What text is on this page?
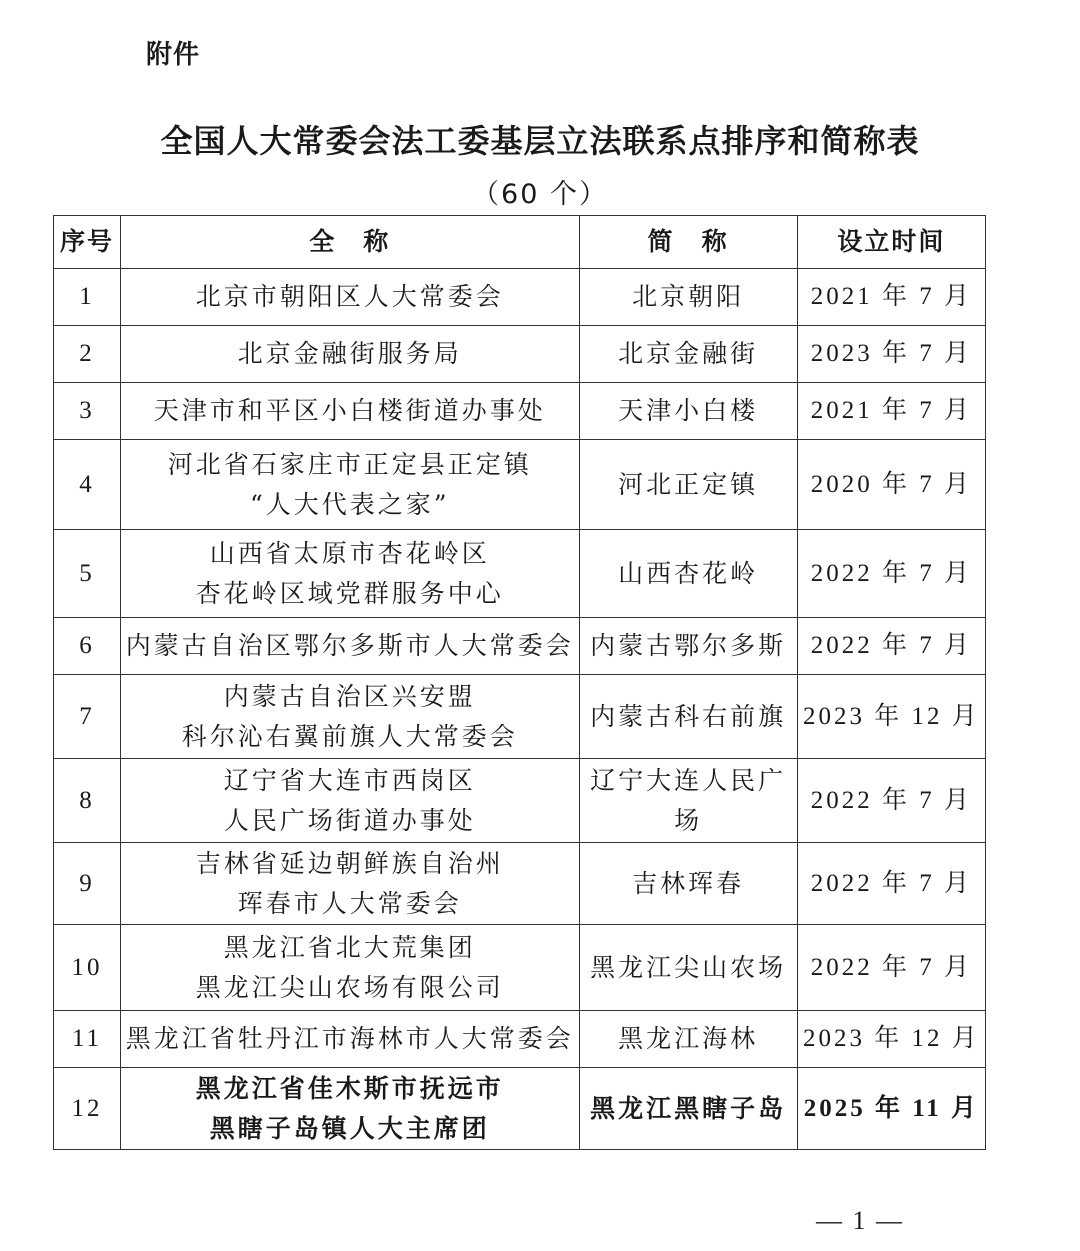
附件
全国人大常委会法工委基层立法联系点排序和简称表
（60 个）
序号	全　称	简　称	设立时间
1	北京市朝阳区人大常委会	北京朝阳	2021 年 7 月
2	北京金融街服务局	北京金融街	2023 年 7 月
3	天津市和平区小白楼街道办事处	天津小白楼	2021 年 7 月
4	河北省石家庄市正定县正定镇
“人大代表之家”	河北正定镇	2020 年 7 月
5	山西省太原市杏花岭区
杏花岭区域党群服务中心	山西杏花岭	2022 年 7 月
6	内蒙古自治区鄂尔多斯市人大常委会	内蒙古鄂尔多斯	2022 年 7 月
7	内蒙古自治区兴安盟
科尔沁右翼前旗人大常委会	内蒙古科右前旗	2023 年 12 月
8	辽宁省大连市西岗区
人民广场街道办事处	辽宁大连人民广场	2022 年 7 月
9	吉林省延边朝鲜族自治州
珲春市人大常委会	吉林珲春	2022 年 7 月
10	黑龙江省北大荒集团
黑龙江尖山农场有限公司	黑龙江尖山农场	2022 年 7 月
11	黑龙江省牡丹江市海林市人大常委会	黑龙江海林	2023 年 12 月
12	黑龙江省佳木斯市抚远市
黑瞎子岛镇人大主席团	黑龙江黑瞎子岛	2025 年 11 月
— 1 —
